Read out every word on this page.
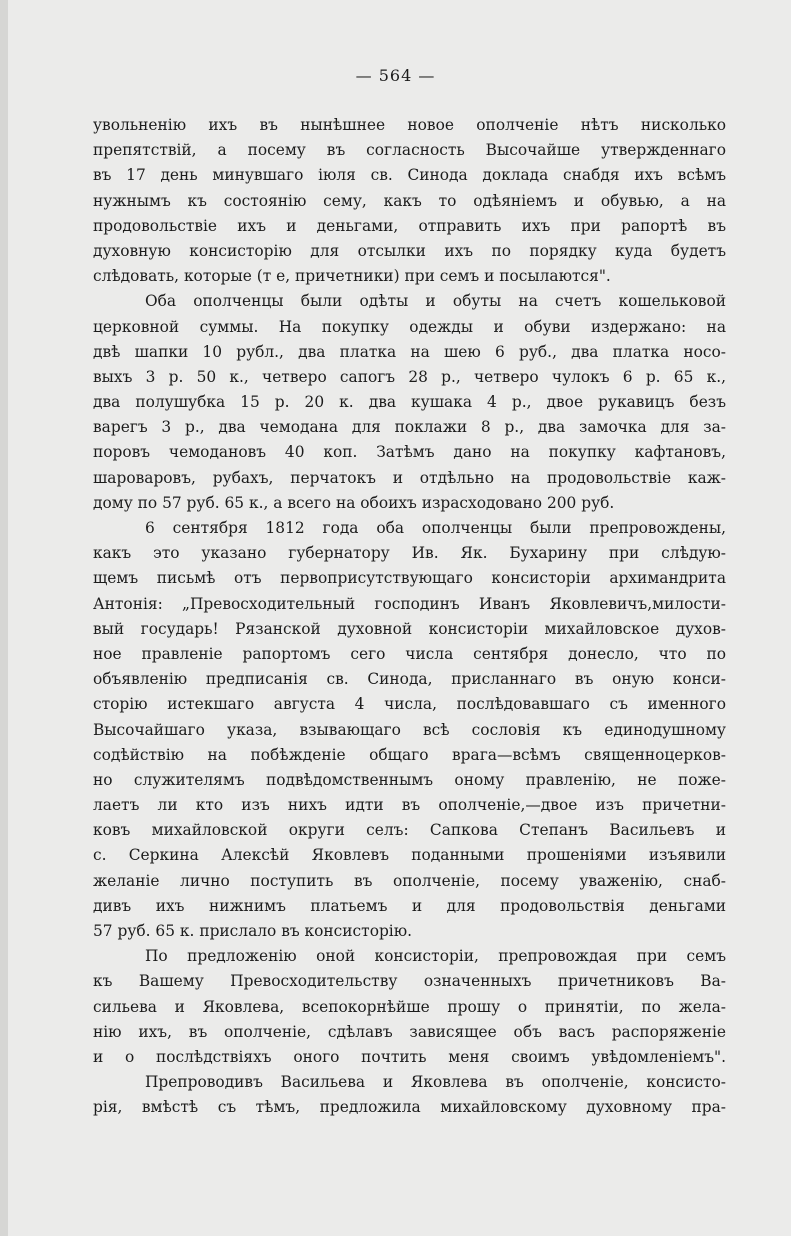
— 564 —
увольненію ихъ въ нынѣшнее новое ополченіе нѣтъ нисколько
препятствій, а посему въ согласность Высочайше утвержденнаго
въ 17 день минувшаго іюля св. Синода доклада снабдя ихъ всѣмъ
нужнымъ къ состоянію сему, какъ то одѣяніемъ и обувью, а на
продовольствіе ихъ и деньгами, отправить ихъ при рапортѣ въ
духовную консисторію для отсылки ихъ по порядку куда будетъ
слѣдовать, которые (т е, причетники) при семъ и посылаются".
Оба ополченцы были одѣты и обуты на счетъ кошельковой
церковной суммы. На покупку одежды и обуви издержано: на
двѣ шапки 10 рубл., два платка на шею 6 руб., два платка носо-
выхъ 3 р. 50 к., четверо сапогъ 28 р., четверо чулокъ 6 р. 65 к.,
два полушубка 15 р. 20 к. два кушака 4 р., двое рукавицъ безъ
варегъ 3 р., два чемодана для поклажи 8 р., два замочка для за-
поровъ чемодановъ 40 коп. Затѣмъ дано на покупку кафтановъ,
шароваровъ, рубахъ, перчатокъ и отдѣльно на продовольствіе каж-
дому по 57 руб. 65 к., а всего на обоихъ израсходовано 200 руб.
6 сентября 1812 года оба ополченцы были препровождены,
какъ это указано губернатору Ив. Як. Бухарину при слѣдую-
щемъ письмѣ отъ первоприсутствующаго консисторіи архимандрита
Антонія: „Превосходительный господинъ Иванъ Яковлевичъ,милости-
вый государь! Рязанской духовной консисторіи михайловское духов-
ное правленіе рапортомъ сего числа сентября донесло, что по
объявленію предписанія св. Синода, присланнаго въ оную конси-
сторію истекшаго августа 4 числа, послѣдовавшаго съ именного
Высочайшаго указа, взывающаго всѣ сословія къ единодушному
содѣйствію на побѣжденіе общаго врага—всѣмъ священноцерков-
но служителямъ подвѣдомственнымъ оному правленію, не поже-
лаетъ ли кто изъ нихъ идти въ ополченіе,—двое изъ причетни-
ковъ михайловской округи селъ: Сапкова Степанъ Васильевъ и
с. Серкина Алексѣй Яковлевъ поданными прошеніями изъявили
желаніе лично поступить въ ополченіе, посему уваженію, снаб-
дивъ ихъ нижнимъ платьемъ и для продовольствія деньгами
57 руб. 65 к. прислало въ консисторію.
По предложенію оной консисторіи, препровождая при семъ
къ Вашему Превосходительству означенныхъ причетниковъ Ва-
сильева и Яковлева, всепокорнѣйше прошу о принятіи, по жела-
нію ихъ, въ ополченіе, сдѣлавъ зависящее объ васъ распоряженіе
и о послѣдствіяхъ оного почтить меня своимъ увѣдомленіемъ".
Препроводивъ Васильева и Яковлева въ ополченіе, консисто-
рія, вмѣстѣ съ тѣмъ, предложила михайловскому духовному пра-
